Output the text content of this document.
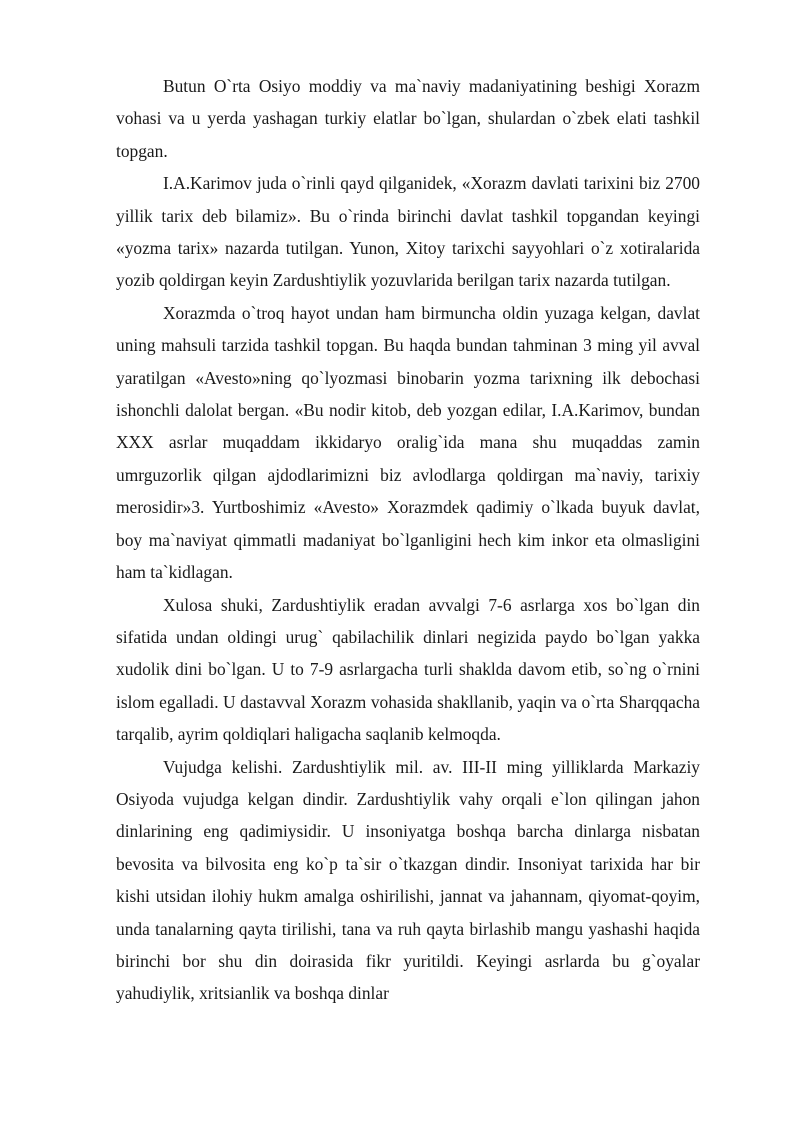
Butun O`rta Osiyo moddiy va ma`naviy madaniyatining beshigi Xorazm vohasi va u yerda yashagan turkiy elatlar bo`lgan, shulardan o`zbek elati tashkil topgan.

I.A.Karimov juda o`rinli qayd qilganidek, «Xorazm davlati tarixini biz 2700 yillik tarix deb bilamiz». Bu o`rinda birinchi davlat tashkil topgandan keyingi «yozma tarix» nazarda tutilgan. Yunon, Xitoy tarixchi sayyohlari o`z xotiralarida yozib qoldirgan keyin Zardushtiylik yozuvlarida berilgan tarix nazarda tutilgan.

Xorazmda o`troq hayot undan ham birmuncha oldin yuzaga kelgan, davlat uning mahsuli tarzida tashkil topgan. Bu haqda bundan tahminan 3 ming yil avval yaratilgan «Avesto»ning qo`lyozmasi binobarin yozma tarixning ilk debochasi ishonchli dalolat bergan. «Bu nodir kitob, deb yozgan edilar, I.A.Karimov, bundan XXX asrlar muqaddam ikkidaryo oralig`ida mana shu muqaddas zamin umrguzorlik qilgan ajdodlarimizni biz avlodlarga qoldirgan ma`naviy, tarixiy merosidir»3. Yurtboshimiz «Avesto» Xorazmdek qadimiy o`lkada buyuk davlat, boy ma`naviyat qimmatli madaniyat bo`lganligini hech kim inkor eta olmasligini ham ta`kidlagan.

Xulosa shuki, Zardushtiylik eradan avvalgi 7-6 asrlarga xos bo`lgan din sifatida undan oldingi urug` qabilachilik dinlari negizida paydo bo`lgan yakka xudolik dini bo`lgan. U to 7-9 asrlargacha turli shaklda davom etib, so`ng o`rnini islom egalladi. U dastavval Xorazm vohasida shakllanib, yaqin va o`rta Sharqqacha tarqalib, ayrim qoldiqlari haligacha saqlanib kelmoqda.

Vujudga kelishi. Zardushtiylik mil. av. III-II ming yilliklarda Markaziy Osiyoda vujudga kelgan dindir. Zardushtiylik vahy orqali e`lon qilingan jahon dinlarining eng qadimiysidir. U insoniyatga boshqa barcha dinlarga nisbatan bevosita va bilvosita eng ko`p ta`sir o`tkazgan dindir. Insoniyat tarixida har bir kishi utsidan ilohiy hukm amalga oshirilishi, jannat va jahannam, qiyomat-qoyim, unda tanalarning qayta tirilishi, tana va ruh qayta birlashib mangu yashashi haqida birinchi bor shu din doirasida fikr yuritildi. Keyingi asrlarda bu g`oyalar yahudiylik, xritsianlik va boshqa dinlar
